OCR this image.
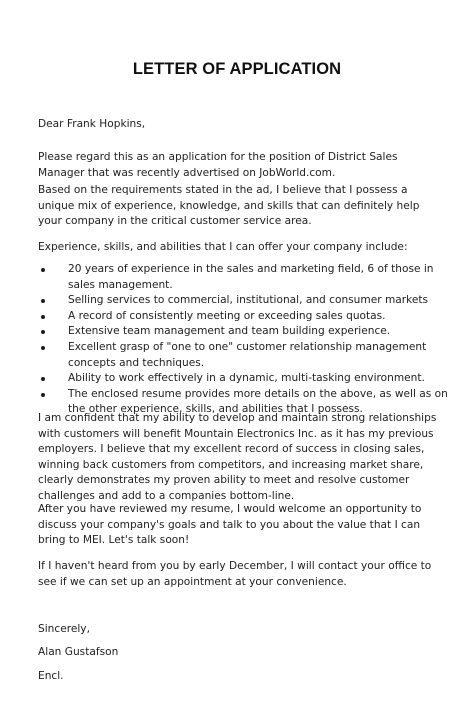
LETTER OF APPLICATION
Dear Frank Hopkins,
Please regard this as an application for the position of District Sales Manager that was recently advertised on JobWorld.com.
Based on the requirements stated in the ad, I believe that I possess a unique mix of experience, knowledge, and skills that can definitely help your company in the critical customer service area.
Experience, skills, and abilities that I can offer your company include:
20 years of experience in the sales and marketing field, 6 of those in sales management.
Selling services to commercial, institutional, and consumer markets
A record of consistently meeting or exceeding sales quotas.
Extensive team management and team building experience.
Excellent grasp of "one to one" customer relationship management concepts and techniques.
Ability to work effectively in a dynamic, multi-tasking environment.
The enclosed resume provides more details on the above, as well as on the other experience, skills, and abilities that I possess.
I am confident that my ability to develop and maintain strong relationships with customers will benefit Mountain Electronics Inc. as it has my previous employers. I believe that my excellent record of success in closing sales, winning back customers from competitors, and increasing market share, clearly demonstrates my proven ability to meet and resolve customer challenges and add to a companies bottom-line.
After you have reviewed my resume, I would welcome an opportunity to discuss your company's goals and talk to you about the value that I can bring to MEI. Let's talk soon!
If I haven't heard from you by early December, I will contact your office to see if we can set up an appointment at your convenience.
Sincerely,
Alan Gustafson
Encl.
